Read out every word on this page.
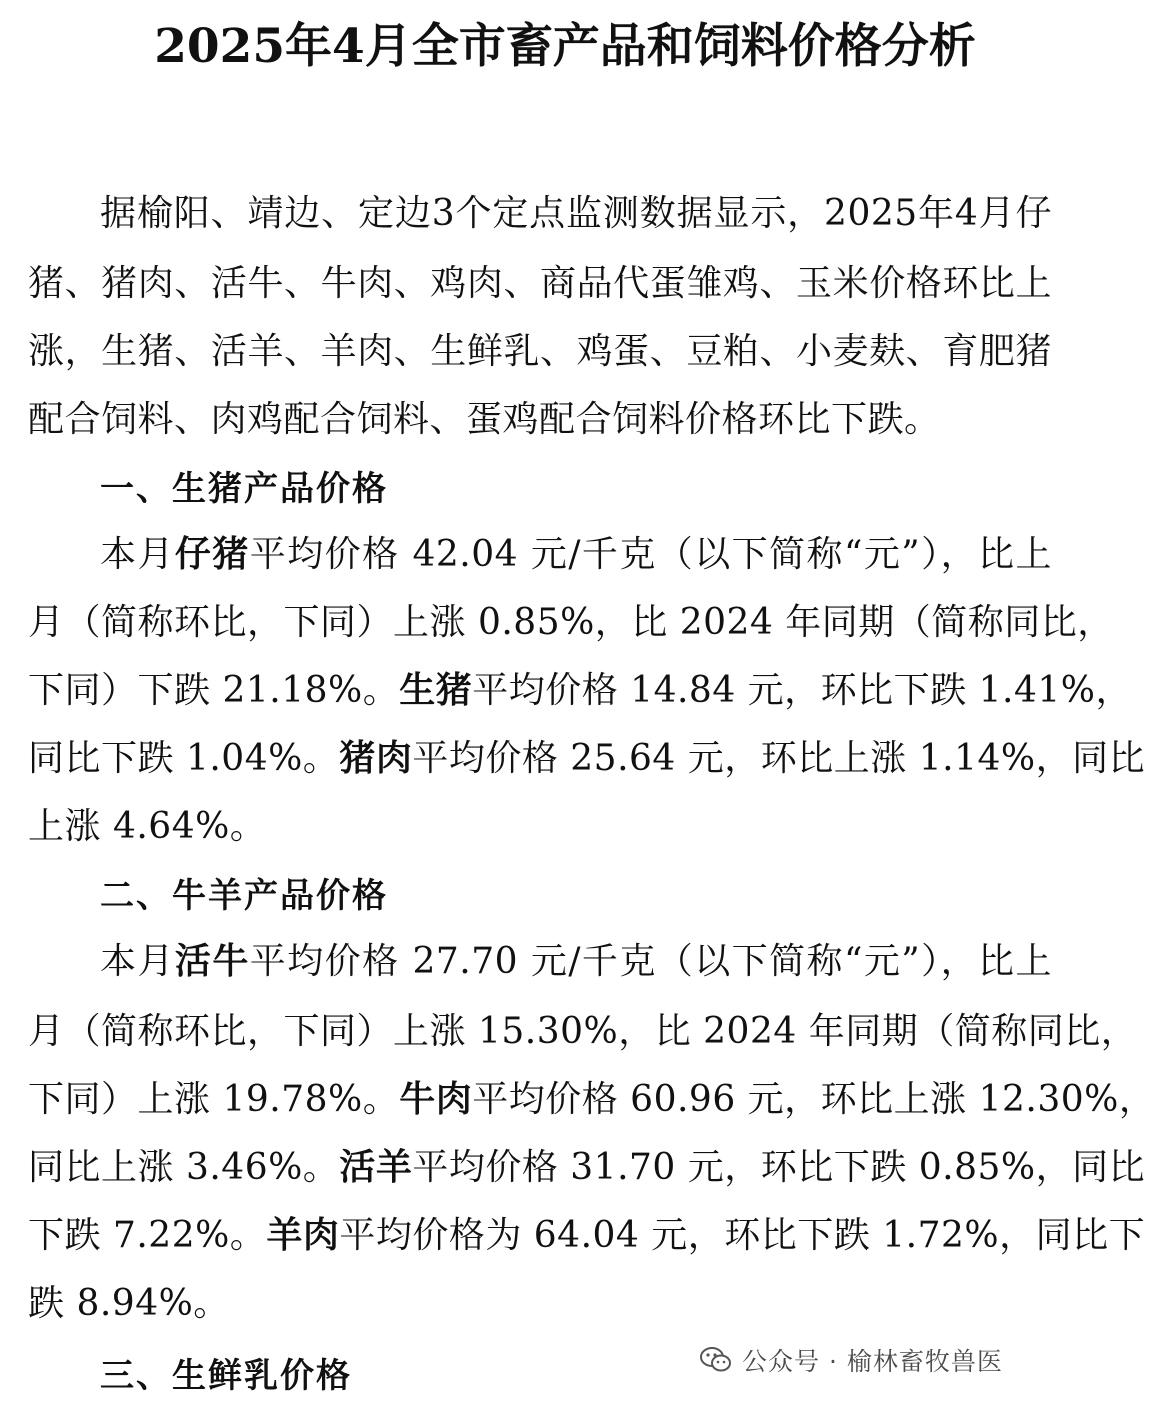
2025年4月全市畜产品和饲料价格分析
据榆阳、靖边、定边3个定点监测数据显示，2025年4月仔
猪、猪肉、活牛、牛肉、鸡肉、商品代蛋雏鸡、玉米价格环比上
涨，生猪、活羊、羊肉、生鲜乳、鸡蛋、豆粕、小麦麸、育肥猪
配合饲料、肉鸡配合饲料、蛋鸡配合饲料价格环比下跌。
一、生猪产品价格
本月仔猪平均价格 42.04 元/千克（以下简称“元”），比上
月（简称环比，下同）上涨 0.85%，比 2024 年同期（简称同比，
下同）下跌 21.18%。生猪平均价格 14.84 元，环比下跌 1.41%，
同比下跌 1.04%。猪肉平均价格 25.64 元，环比上涨 1.14%，同比
上涨 4.64%。
二、牛羊产品价格
本月活牛平均价格 27.70 元/千克（以下简称“元”），比上
月（简称环比，下同）上涨 15.30%，比 2024 年同期（简称同比，
下同）上涨 19.78%。牛肉平均价格 60.96 元，环比上涨 12.30%，
同比上涨 3.46%。活羊平均价格 31.70 元，环比下跌 0.85%，同比
下跌 7.22%。羊肉平均价格为 64.04 元，环比下跌 1.72%，同比下
跌 8.94%。
三、生鲜乳价格	公众号 · 榆林畜牧兽医
